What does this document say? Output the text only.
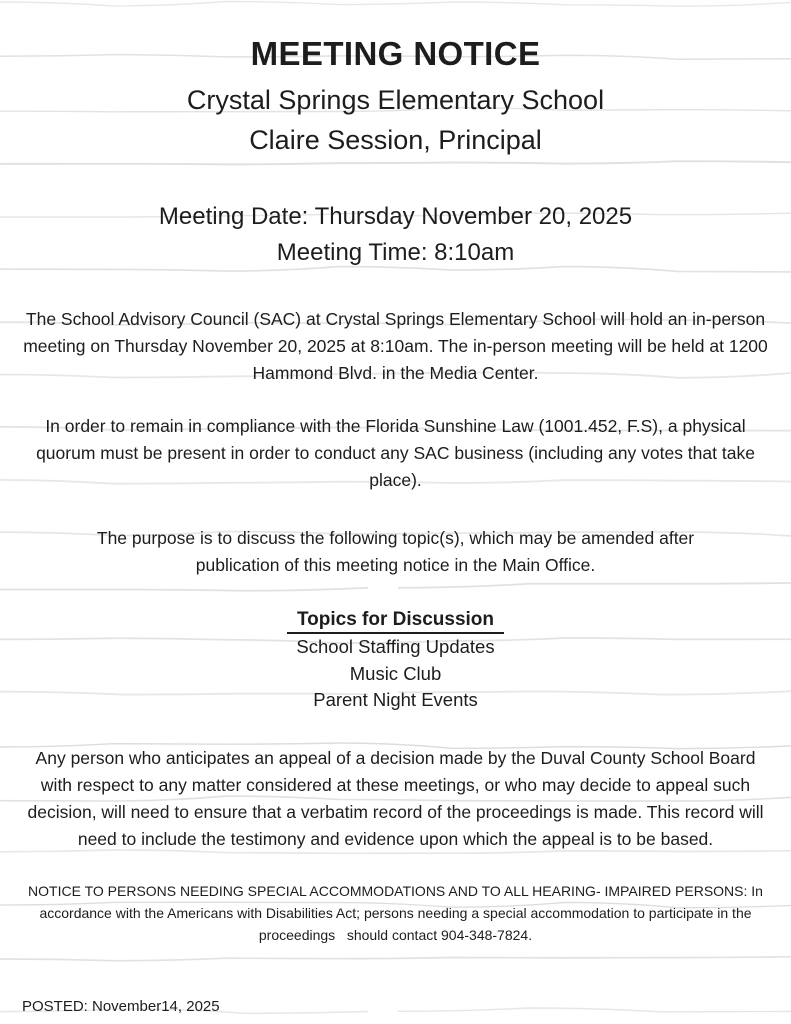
MEETING NOTICE
Crystal Springs Elementary School
Claire Session, Principal
Meeting Date: Thursday November 20, 2025
Meeting Time: 8:10am

The School Advisory Council (SAC) at Crystal Springs Elementary School will hold an in-person meeting on Thursday November 20, 2025 at 8:10am. The in-person meeting will be held at 1200 Hammond Blvd. in the Media Center.

In order to remain in compliance with the Florida Sunshine Law (1001.452, F.S), a physical quorum must be present in order to conduct any SAC business (including any votes that take place).

The purpose is to discuss the following topic(s), which may be amended after publication of this meeting notice in the Main Office.

Topics for Discussion
School Staffing Updates
Music Club
Parent Night Events

Any person who anticipates an appeal of a decision made by the Duval County School Board with respect to any matter considered at these meetings, or who may decide to appeal such decision, will need to ensure that a verbatim record of the proceedings is made. This record will need to include the testimony and evidence upon which the appeal is to be based.

NOTICE TO PERSONS NEEDING SPECIAL ACCOMMODATIONS AND TO ALL HEARING- IMPAIRED PERSONS: In accordance with the Americans with Disabilities Act; persons needing a special accommodation to participate in the proceedings   should contact 904-348-7824.

POSTED: November14, 2025
